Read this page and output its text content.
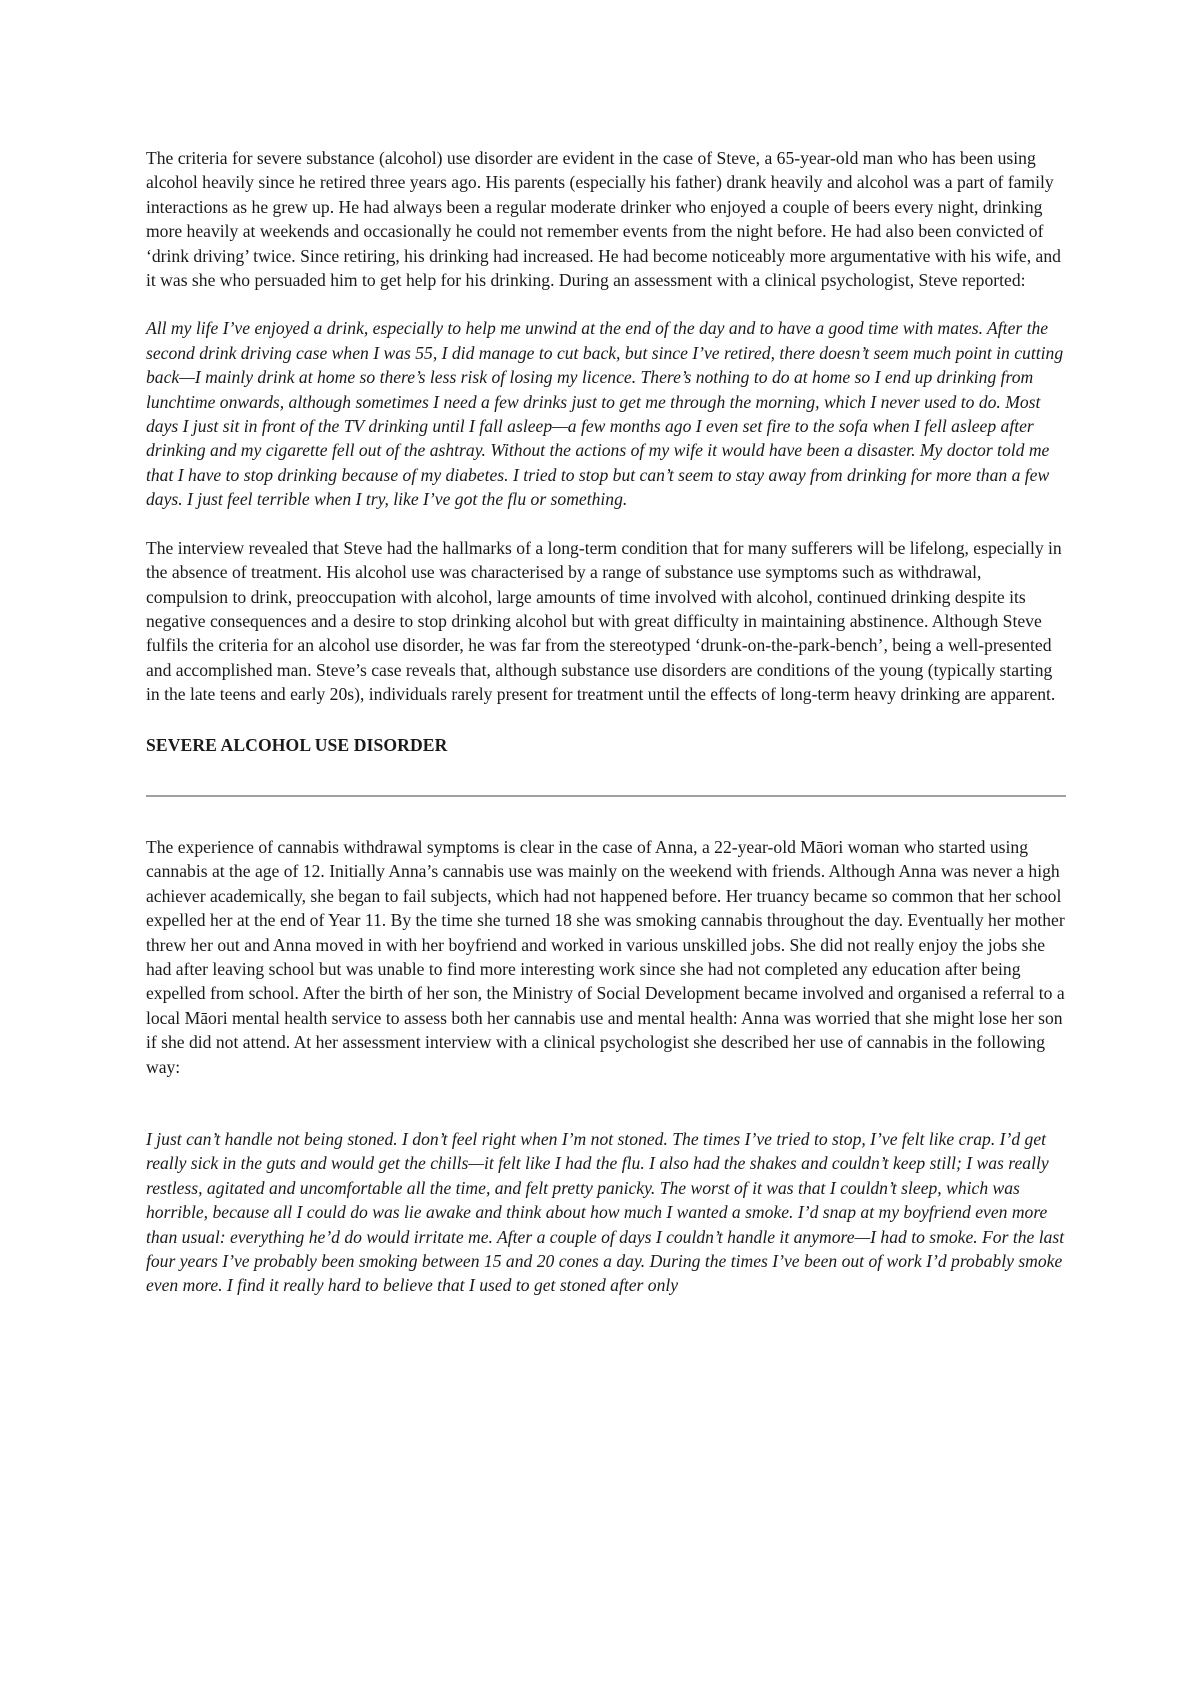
The criteria for severe substance (alcohol) use disorder are evident in the case of Steve, a 65-year-old man who has been using alcohol heavily since he retired three years ago. His parents (especially his father) drank heavily and alcohol was a part of family interactions as he grew up. He had always been a regular moderate drinker who enjoyed a couple of beers every night, drinking more heavily at weekends and occasionally he could not remember events from the night before. He had also been convicted of ‘drink driving’ twice. Since retiring, his drinking had increased. He had become noticeably more argumentative with his wife, and it was she who persuaded him to get help for his drinking. During an assessment with a clinical psychologist, Steve reported:

All my life I’ve enjoyed a drink, especially to help me unwind at the end of the day and to have a good time with mates. After the second drink driving case when I was 55, I did manage to cut back, but since I’ve retired, there doesn’t seem much point in cutting back—I mainly drink at home so there’s less risk of losing my licence. There’s nothing to do at home so I end up drinking from lunchtime onwards, although sometimes I need a few drinks just to get me through the morning, which I never used to do. Most days I just sit in front of the TV drinking until I fall asleep—a few months ago I even set fire to the sofa when I fell asleep after drinking and my cigarette fell out of the ashtray. Without the actions of my wife it would have been a disaster. My doctor told me that I have to stop drinking because of my diabetes. I tried to stop but can’t seem to stay away from drinking for more than a few days. I just feel terrible when I try, like I’ve got the flu or something.

The interview revealed that Steve had the hallmarks of a long-term condition that for many sufferers will be lifelong, especially in the absence of treatment. His alcohol use was characterised by a range of substance use symptoms such as withdrawal, compulsion to drink, preoccupation with alcohol, large amounts of time involved with alcohol, continued drinking despite its negative consequences and a desire to stop drinking alcohol but with great difficulty in maintaining abstinence. Although Steve fulfils the criteria for an alcohol use disorder, he was far from the stereotyped ‘drunk-on-the-park-bench’, being a well-presented and accomplished man. Steve’s case reveals that, although substance use disorders are conditions of the young (typically starting in the late teens and early 20s), individuals rarely present for treatment until the effects of long-term heavy drinking are apparent.

SEVERE ALCOHOL USE DISORDER

The experience of cannabis withdrawal symptoms is clear in the case of Anna, a 22-year-old Māori woman who started using cannabis at the age of 12. Initially Anna’s cannabis use was mainly on the weekend with friends. Although Anna was never a high achiever academically, she began to fail subjects, which had not happened before. Her truancy became so common that her school expelled her at the end of Year 11. By the time she turned 18 she was smoking cannabis throughout the day. Eventually her mother threw her out and Anna moved in with her boyfriend and worked in various unskilled jobs. She did not really enjoy the jobs she had after leaving school but was unable to find more interesting work since she had not completed any education after being expelled from school. After the birth of her son, the Ministry of Social Development became involved and organised a referral to a local Māori mental health service to assess both her cannabis use and mental health: Anna was worried that she might lose her son if she did not attend. At her assessment interview with a clinical psychologist she described her use of cannabis in the following way:

I just can’t handle not being stoned. I don’t feel right when I’m not stoned. The times I’ve tried to stop, I’ve felt like crap. I’d get really sick in the guts and would get the chills—it felt like I had the flu. I also had the shakes and couldn’t keep still; I was really restless, agitated and uncomfortable all the time, and felt pretty panicky. The worst of it was that I couldn’t sleep, which was horrible, because all I could do was lie awake and think about how much I wanted a smoke. I’d snap at my boyfriend even more than usual: everything he’d do would irritate me. After a couple of days I couldn’t handle it anymore—I had to smoke. For the last four years I’ve probably been smoking between 15 and 20 cones a day. During the times I’ve been out of work I’d probably smoke even more. I find it really hard to believe that I used to get stoned after only
